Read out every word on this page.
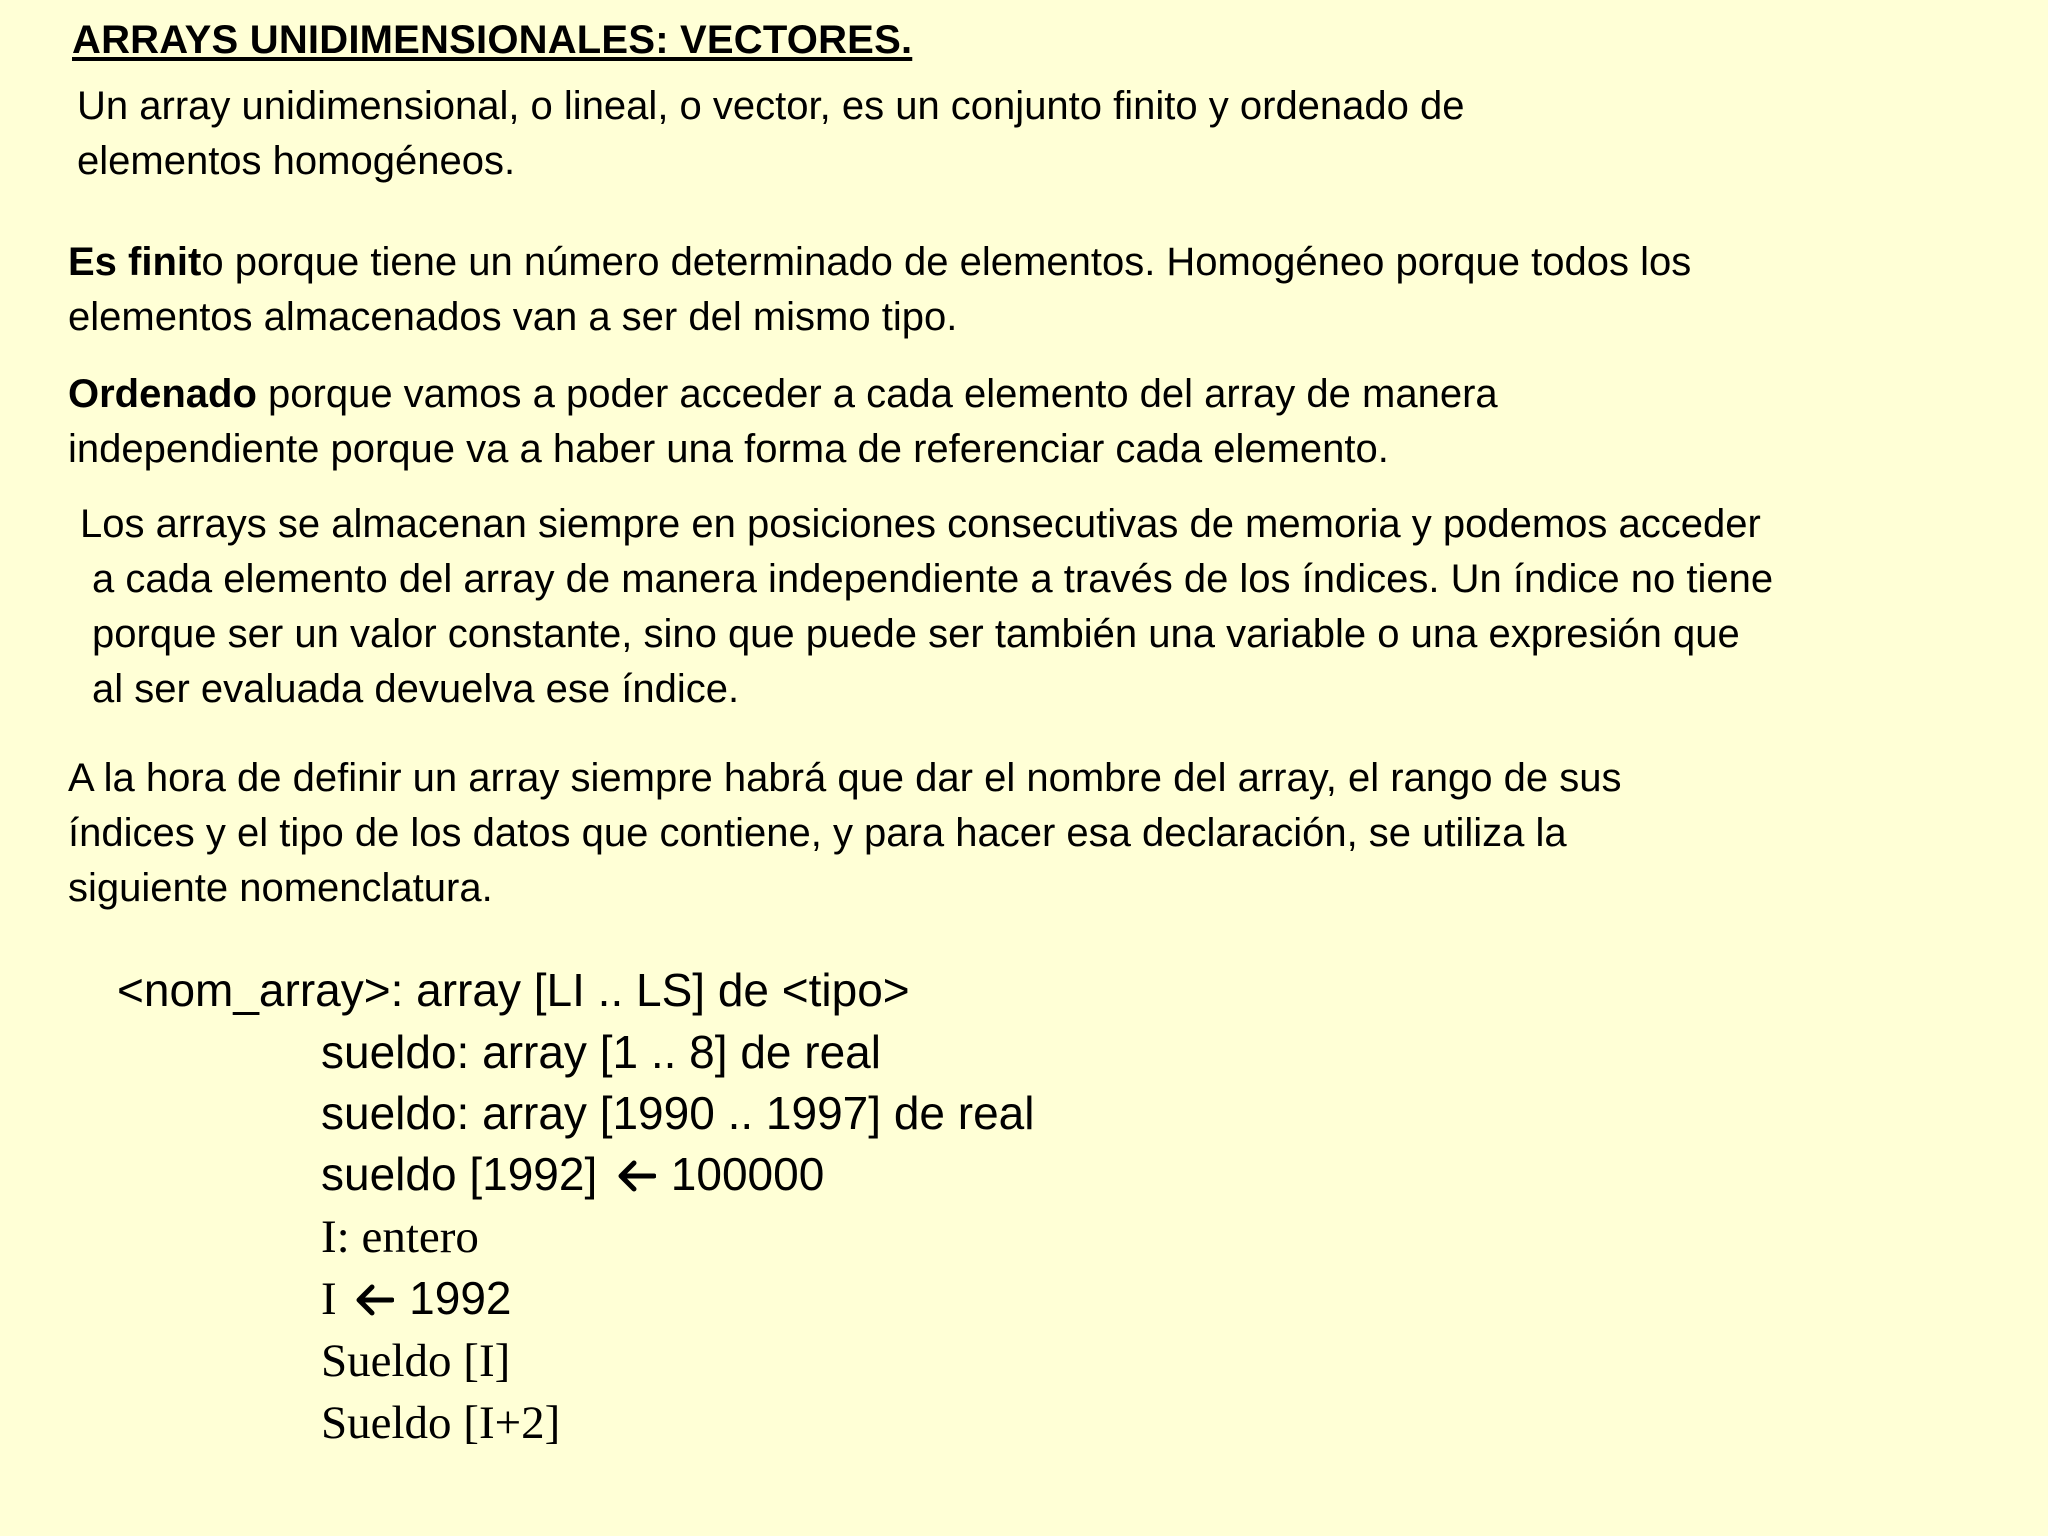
ARRAYS UNIDIMENSIONALES: VECTORES.
Un array unidimensional, o lineal, o vector, es un conjunto finito y ordenado de
elementos homogéneos.
Es finito porque tiene un número determinado de elementos. Homogéneo porque todos los
elementos almacenados van a ser del mismo tipo.
Ordenado porque vamos a poder acceder a cada elemento del array de manera
independiente porque va a haber una forma de referenciar cada elemento.
Los arrays se almacenan siempre en posiciones consecutivas de memoria y podemos acceder
a cada elemento del array de manera independiente a través de los índices. Un índice no tiene
porque ser un valor constante, sino que puede ser también una variable o una expresión que
al ser evaluada devuelva ese índice.
A la hora de definir un array siempre habrá que dar el nombre del array, el rango de sus
índices y el tipo de los datos que contiene, y para hacer esa declaración, se utiliza la
siguiente nomenclatura.
<nom_array>: array [LI .. LS] de <tipo>
sueldo: array [1 .. 8] de real
sueldo: array [1990 .. 1997] de real
sueldo [1992]  100000
I: entero
I  1992
Sueldo [I]
Sueldo [I+2]
